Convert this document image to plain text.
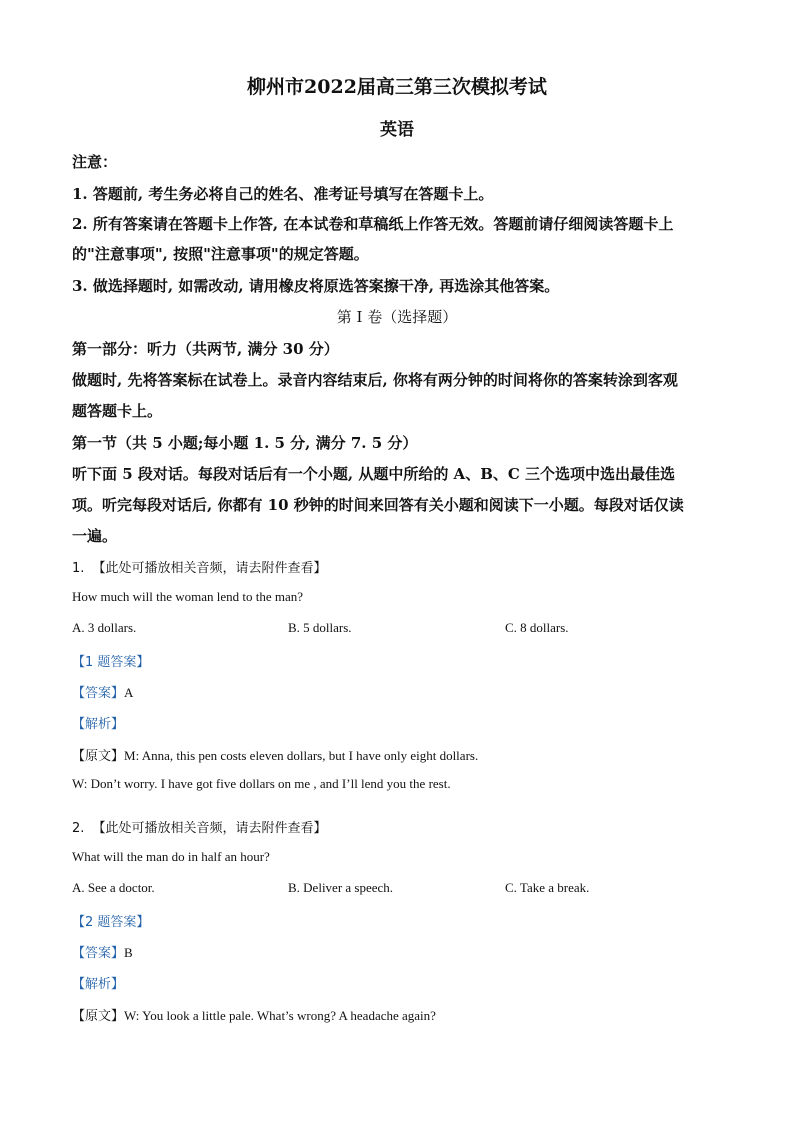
柳州市2022届高三第三次模拟考试
英语
注意：
1. 答题前, 考生务必将自己的姓名、准考证号填写在答题卡上。
2. 所有答案请在答题卡上作答, 在本试卷和草稿纸上作答无效。答题前请仔细阅读答题卡上
的"注意事项", 按照"注意事项"的规定答题。
3. 做选择题时, 如需改动, 请用橡皮将原选答案擦干净, 再选涂其他答案。
第 I 卷（选择题）
第一部分：听力（共两节, 满分 30 分）
做题时, 先将答案标在试卷上。录音内容结束后, 你将有两分钟的时间将你的答案转涂到客观
题答题卡上。
第一节（共 5 小题;每小题 1. 5 分, 满分 7. 5 分）
听下面 5 段对话。每段对话后有一个小题, 从题中所给的 A、B、C 三个选项中选出最佳选
项。听完每段对话后, 你都有 10 秒钟的时间来回答有关小题和阅读下一小题。每段对话仅读
一遍。
1. 【此处可播放相关音频，请去附件查看】
How much will the woman lend to the man?
A. 3 dollars.	B. 5 dollars.	C. 8 dollars.
【1 题答案】
【答案】A
【解析】
【原文】M: Anna, this pen costs eleven dollars, but I have only eight dollars.
W: Don’t worry. I have got five dollars on me , and I’ll lend you the rest.
2. 【此处可播放相关音频，请去附件查看】
What will the man do in half an hour?
A. See a doctor.	B. Deliver a speech.	C. Take a break.
【2 题答案】
【答案】B
【解析】
【原文】W: You look a little pale. What’s wrong? A headache again?
